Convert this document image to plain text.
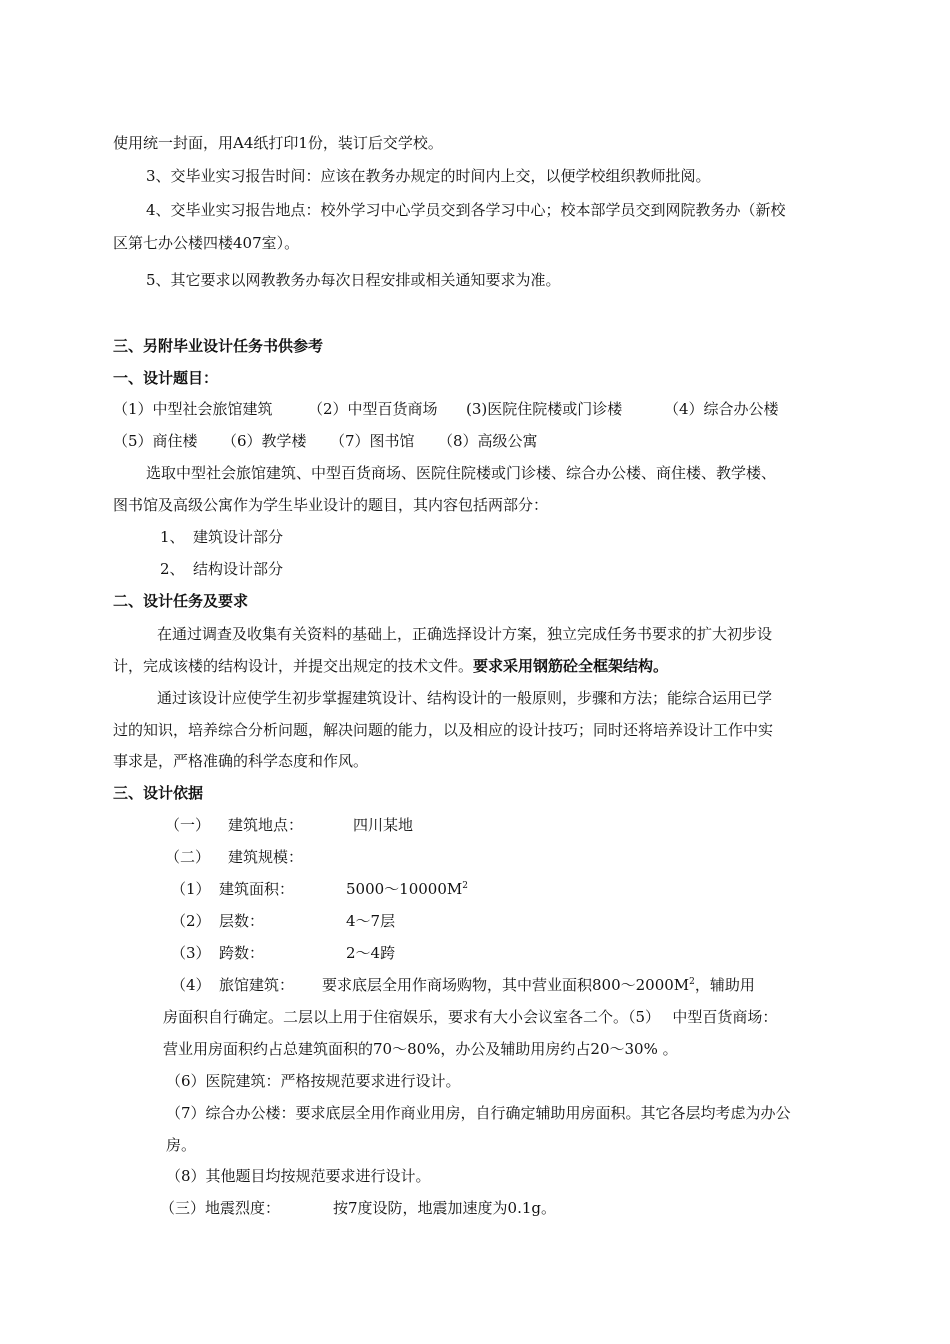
使用统一封面，用A4纸打印1份，装订后交学校。
3、交毕业实习报告时间：应该在教务办规定的时间内上交，以便学校组织教师批阅。
4、交毕业实习报告地点：校外学习中心学员交到各学习中心；校本部学员交到网院教务办（新校
区第七办公楼四楼407室）。
5、其它要求以网教教务办每次日程安排或相关通知要求为准。
三、另附毕业设计任务书供参考
一、设计题目：
（1）中型社会旅馆建筑 （2）中型百货商场 (3)医院住院楼或门诊楼	（4）综合办公楼
（5）商住楼 （6）教学楼 （7）图书馆 （8）高级公寓
选取中型社会旅馆建筑、中型百货商场、医院住院楼或门诊楼、综合办公楼、商住楼、教学楼、
图书馆及高级公寓作为学生毕业设计的题目，其内容包括两部分：
1、 建筑设计部分
2、 结构设计部分
二、设计任务及要求
在通过调查及收集有关资料的基础上，正确选择设计方案，独立完成任务书要求的扩大初步设
计，完成该楼的结构设计，并提交出规定的技术文件。要求采用钢筋砼全框架结构。
通过该设计应使学生初步掌握建筑设计、结构设计的一般原则，步骤和方法；能综合运用已学
过的知识，培养综合分析问题，解决问题的能力，以及相应的设计技巧；同时还将培养设计工作中实
事求是，严格准确的科学态度和作风。
三、设计依据
（一） 建筑地点：	四川某地
（二） 建筑规模：
（1） 建筑面积：	$5000\sim 10000M^2$
（2） 层数：	4～7层
（3） 跨数：	2～4跨
（4） 旅馆建筑： 要求底层全用作商场购物，其中营业面积$800\sim 2000M^2$，辅助用
房面积自行确定。二层以上用于住宿娱乐，要求有大小会议室各二个。（5）　 中型百货商场：
营业用房面积约占总建筑面积的70～80%，办公及辅助用房约占20～30% 。
（6）医院建筑：严格按规范要求进行设计。
（7）综合办公楼：要求底层全用作商业用房，自行确定辅助用房面积。其它各层均考虑为办公
房。
（8）其他题目均按规范要求进行设计。
（三）地震烈度：	按7度设防，地震加速度为0.1g。
